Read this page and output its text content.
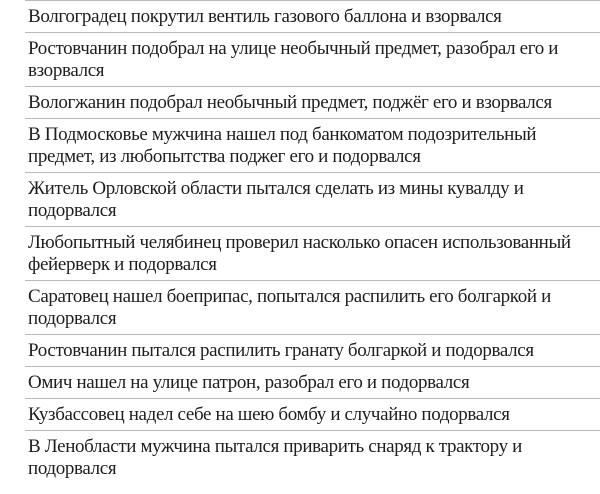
Волгоградец покрутил вентиль газового баллона и взорвался
Ростовчанин подобрал на улице необычный предмет, разобрал его и взорвался
Вологжанин подобрал необычный предмет, поджёг его и взорвался
В Подмосковье мужчина нашел под банкоматом подозрительный предмет, из любопытства поджег его и подорвался
Житель Орловской области пытался сделать из мины кувалду и подорвался
Любопытный челябинец проверил насколько опасен использованный фейерверк и подорвался
Саратовец нашел боеприпас, попытался распилить его болгаркой и подорвался
Ростовчанин пытался распилить гранату болгаркой и подорвался
Омич нашел на улице патрон, разобрал его и подорвался
Кузбассовец надел себе на шею бомбу и случайно подорвался
В Ленобласти мужчина пытался приварить снаряд к трактору и подорвался
